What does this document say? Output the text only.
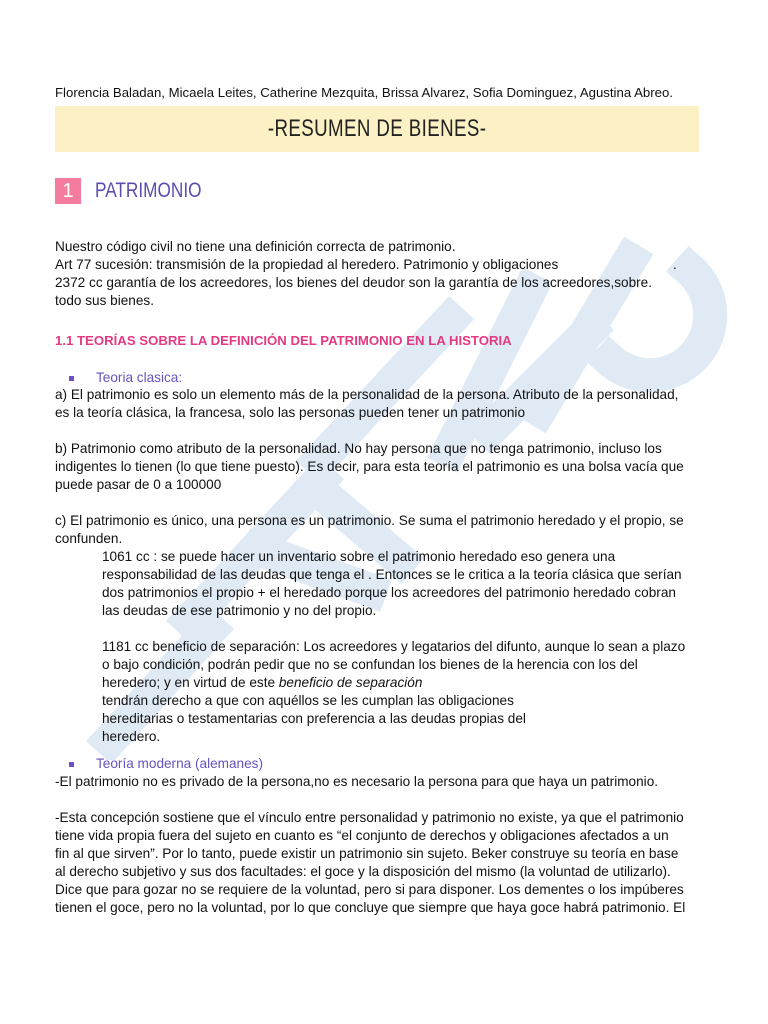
Florencia Baladan, Micaela Leites, Catherine Mezquita, Brissa Alvarez, Sofia Dominguez, Agustina Abreo.
-RESUMEN DE BIENES-
1	PATRIMONIO
Nuestro código civil no tiene una definición correcta de patrimonio.
Art 77 sucesión: transmisión de la propiedad al heredero. Patrimonio y obligaciones	.
2372 cc garantía de los acreedores, los bienes del deudor son la garantía de los acreedores,sobre.
todo sus bienes.
1.1 TEORÍAS SOBRE LA DEFINICIÓN DEL PATRIMONIO EN LA HISTORIA
Teoria clasica:
a) El patrimonio es solo un elemento más de la personalidad de la persona. Atributo de la personalidad,
es la teoría clásica, la francesa, solo las personas pueden tener un patrimonio
b) Patrimonio como atributo de la personalidad. No hay persona que no tenga patrimonio, incluso los
indigentes lo tienen (lo que tiene puesto). Es decir, para esta teoría el patrimonio es una bolsa vacía que
puede pasar de 0 a 100000
c) El patrimonio es único, una persona es un patrimonio. Se suma el patrimonio heredado y el propio, se
confunden.
1061 cc : se puede hacer un inventario sobre el patrimonio heredado eso genera una
responsabilidad de las deudas que tenga el . Entonces se le critica a la teoría clásica que serían
dos patrimonios el propio + el heredado porque los acreedores del patrimonio heredado cobran
las deudas de ese patrimonio y no del propio.
1181 cc beneficio de separación: Los acreedores y legatarios del difunto, aunque lo sean a plazo
o bajo condición, podrán pedir que no se confundan los bienes de la herencia con los del
heredero; y en virtud de este beneficio de separación
tendrán derecho a que con aquéllos se les cumplan las obligaciones
hereditarias o testamentarias con preferencia a las deudas propias del
heredero.
Teoría moderna (alemanes)
-El patrimonio no es privado de la persona,no es necesario la persona para que haya un patrimonio.
-Esta concepción sostiene que el vínculo entre personalidad y patrimonio no existe, ya que el patrimonio
tiene vida propia fuera del sujeto en cuanto es “el conjunto de derechos y obligaciones afectados a un
fin al que sirven”. Por lo tanto, puede existir un patrimonio sin sujeto. Beker construye su teoría en base
al derecho subjetivo y sus dos facultades: el goce y la disposición del mismo (la voluntad de utilizarlo).
Dice que para gozar no se requiere de la voluntad, pero si para disponer. Los dementes o los impúberes
tienen el goce, pero no la voluntad, por lo que concluye que siempre que haya goce habrá patrimonio. El
